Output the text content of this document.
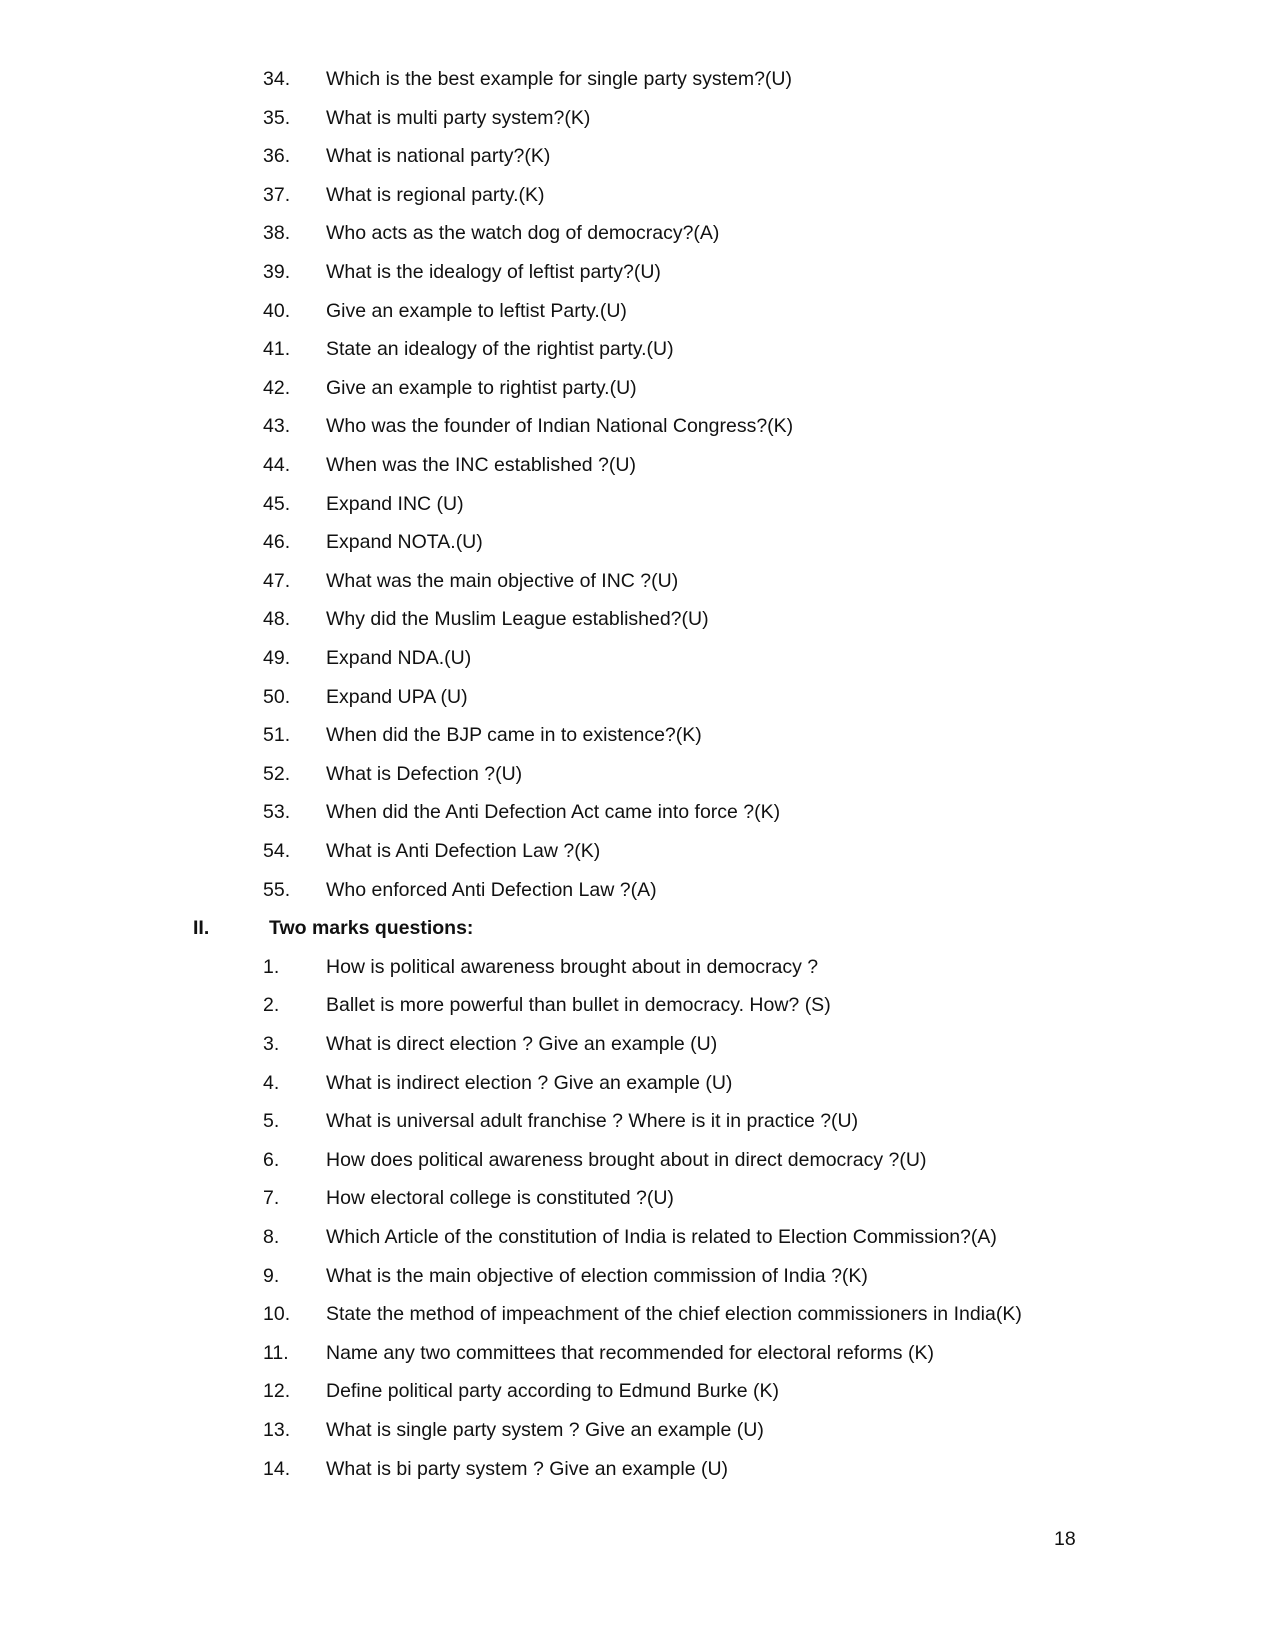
34. Which is the best example for single party system?(U)
35. What is multi party system?(K)
36. What is national party?(K)
37. What is regional party.(K)
38. Who acts as the watch dog of democracy?(A)
39. What is the idealogy of leftist party?(U)
40. Give an example to leftist Party.(U)
41. State an idealogy of the rightist party.(U)
42. Give an example to rightist party.(U)
43. Who was the founder of Indian National Congress?(K)
44. When was the INC established ?(U)
45. Expand INC (U)
46. Expand NOTA.(U)
47. What was the main objective of INC ?(U)
48. Why did the Muslim League established?(U)
49. Expand NDA.(U)
50. Expand UPA (U)
51. When did the BJP came in to existence?(K)
52. What is Defection ?(U)
53. When did the Anti Defection Act came into force ?(K)
54. What is Anti Defection Law ?(K)
55. Who enforced Anti Defection Law ?(A)
II.	Two marks questions:
1. How is political awareness brought about in democracy ?
2. Ballet is more powerful than bullet in democracy. How? (S)
3. What is direct election ? Give an example (U)
4. What is indirect election ? Give an example (U)
5. What is universal adult franchise ? Where is it in practice ?(U)
6. How does political awareness brought about in direct democracy ?(U)
7. How electoral college is constituted ?(U)
8. Which Article of the constitution of India is related to Election Commission?(A)
9. What is the main objective of election commission of India ?(K)
10. State the method of impeachment of the chief election commissioners in India(K)
11. Name any two committees that recommended for electoral reforms (K)
12. Define political party according to Edmund Burke (K)
13. What is single party system ? Give an example (U)
14. What is bi party system ? Give an example (U)
18
